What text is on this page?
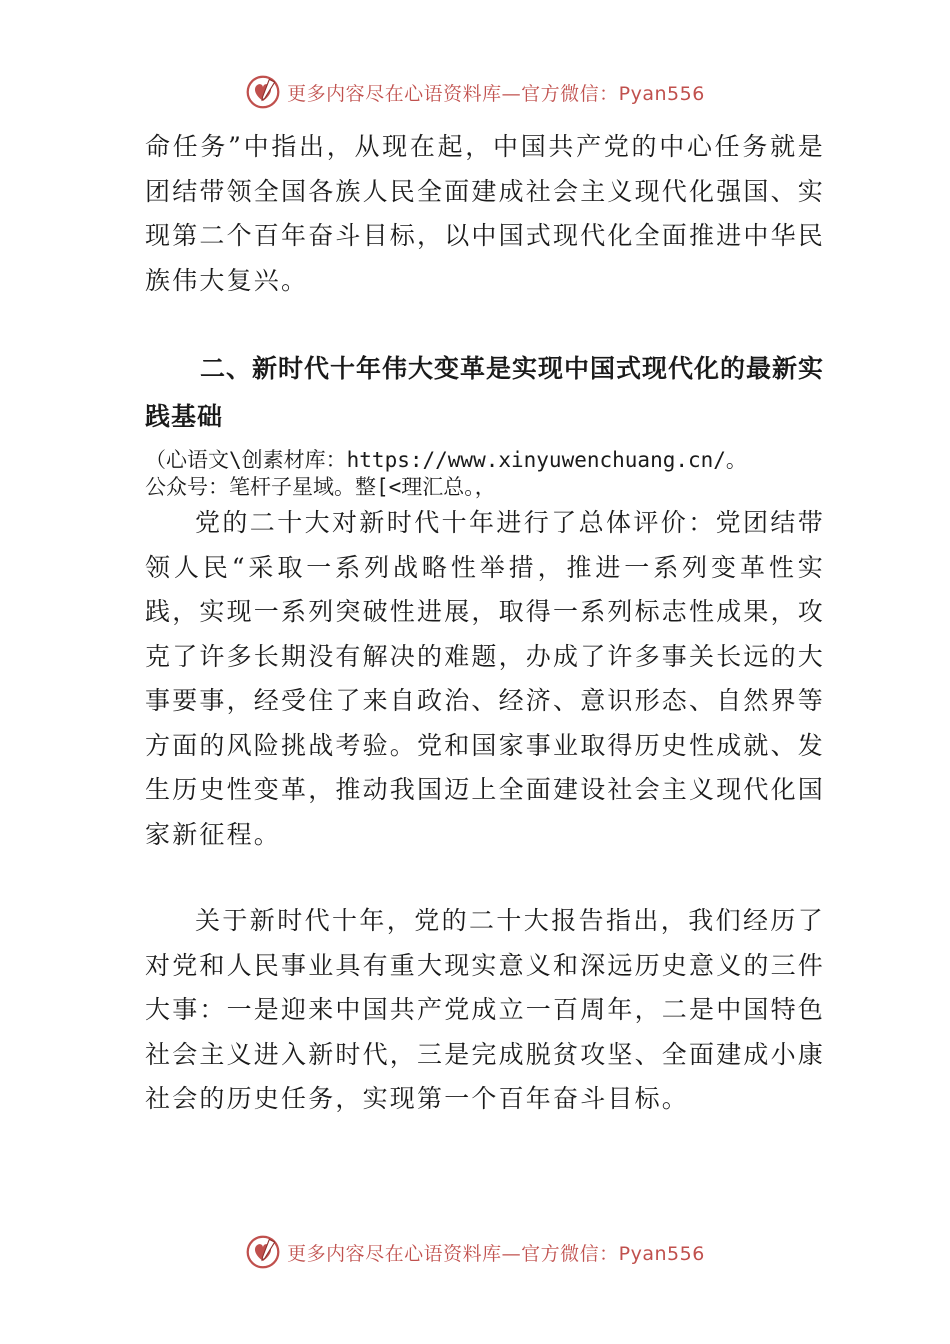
更多内容尽在心语资料库—官方微信：Pyan556

命任务”中指出，从现在起，中国共产党的中心任务就是团结带领全国各族人民全面建成社会主义现代化强国、实现第二个百年奋斗目标，以中国式现代化全面推进中华民族伟大复兴。

二、新时代十年伟大变革是实现中国式现代化的最新实践基础

（心语文\创素材库：https://www.xinyuwenchuang.cn/。
公众号：笔杆子星域。整[<理汇总。，

党的二十大对新时代十年进行了总体评价：党团结带领人民“采取一系列战略性举措，推进一系列变革性实践，实现一系列突破性进展，取得一系列标志性成果，攻克了许多长期没有解决的难题，办成了许多事关长远的大事要事，经受住了来自政治、经济、意识形态、自然界等方面的风险挑战考验。党和国家事业取得历史性成就、发生历史性变革，推动我国迈上全面建设社会主义现代化国家新征程。

关于新时代十年，党的二十大报告指出，我们经历了对党和人民事业具有重大现实意义和深远历史意义的三件大事：一是迎来中国共产党成立一百周年，二是中国特色社会主义进入新时代，三是完成脱贫攻坚、全面建成小康社会的历史任务，实现第一个百年奋斗目标。

更多内容尽在心语资料库—官方微信：Pyan556
